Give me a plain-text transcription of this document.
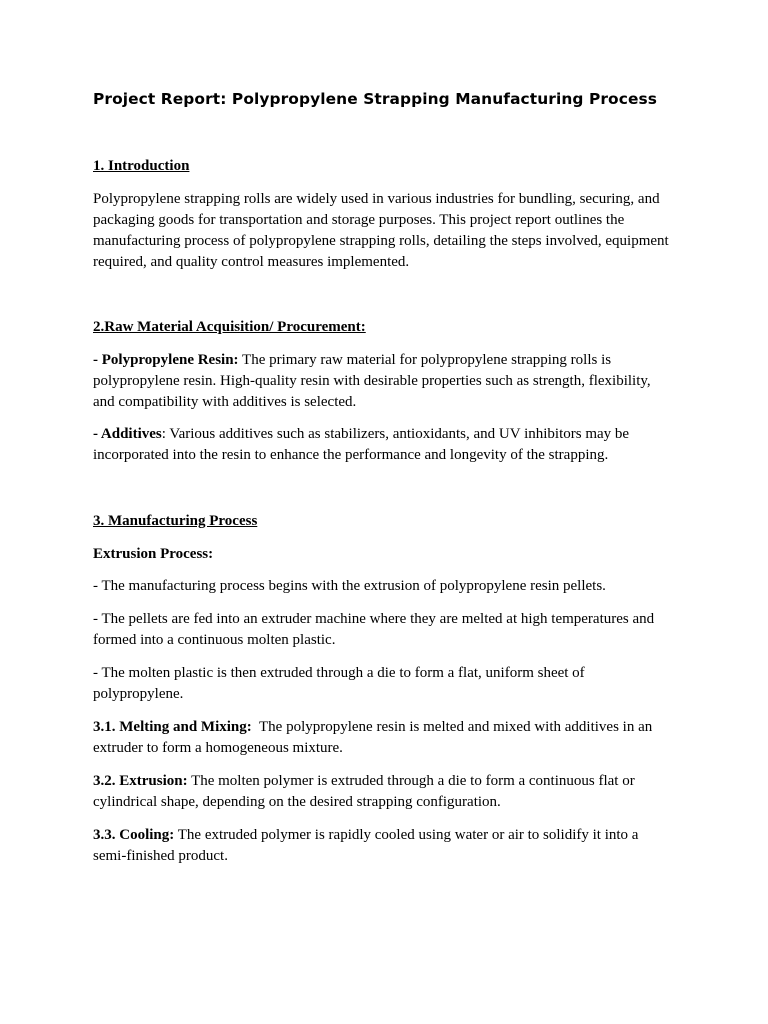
Project Report: Polypropylene Strapping Manufacturing Process

1. Introduction

Polypropylene strapping rolls are widely used in various industries for bundling, securing, and packaging goods for transportation and storage purposes. This project report outlines the manufacturing process of polypropylene strapping rolls, detailing the steps involved, equipment required, and quality control measures implemented.

2.Raw Material Acquisition/ Procurement:

- Polypropylene Resin: The primary raw material for polypropylene strapping rolls is polypropylene resin. High-quality resin with desirable properties such as strength, flexibility, and compatibility with additives is selected.

- Additives: Various additives such as stabilizers, antioxidants, and UV inhibitors may be incorporated into the resin to enhance the performance and longevity of the strapping.

3. Manufacturing Process

Extrusion Process:

- The manufacturing process begins with the extrusion of polypropylene resin pellets.

- The pellets are fed into an extruder machine where they are melted at high temperatures and formed into a continuous molten plastic.

- The molten plastic is then extruded through a die to form a flat, uniform sheet of polypropylene.

3.1. Melting and Mixing:  The polypropylene resin is melted and mixed with additives in an extruder to form a homogeneous mixture.

3.2. Extrusion: The molten polymer is extruded through a die to form a continuous flat or cylindrical shape, depending on the desired strapping configuration.

3.3. Cooling: The extruded polymer is rapidly cooled using water or air to solidify it into a semi-finished product.
